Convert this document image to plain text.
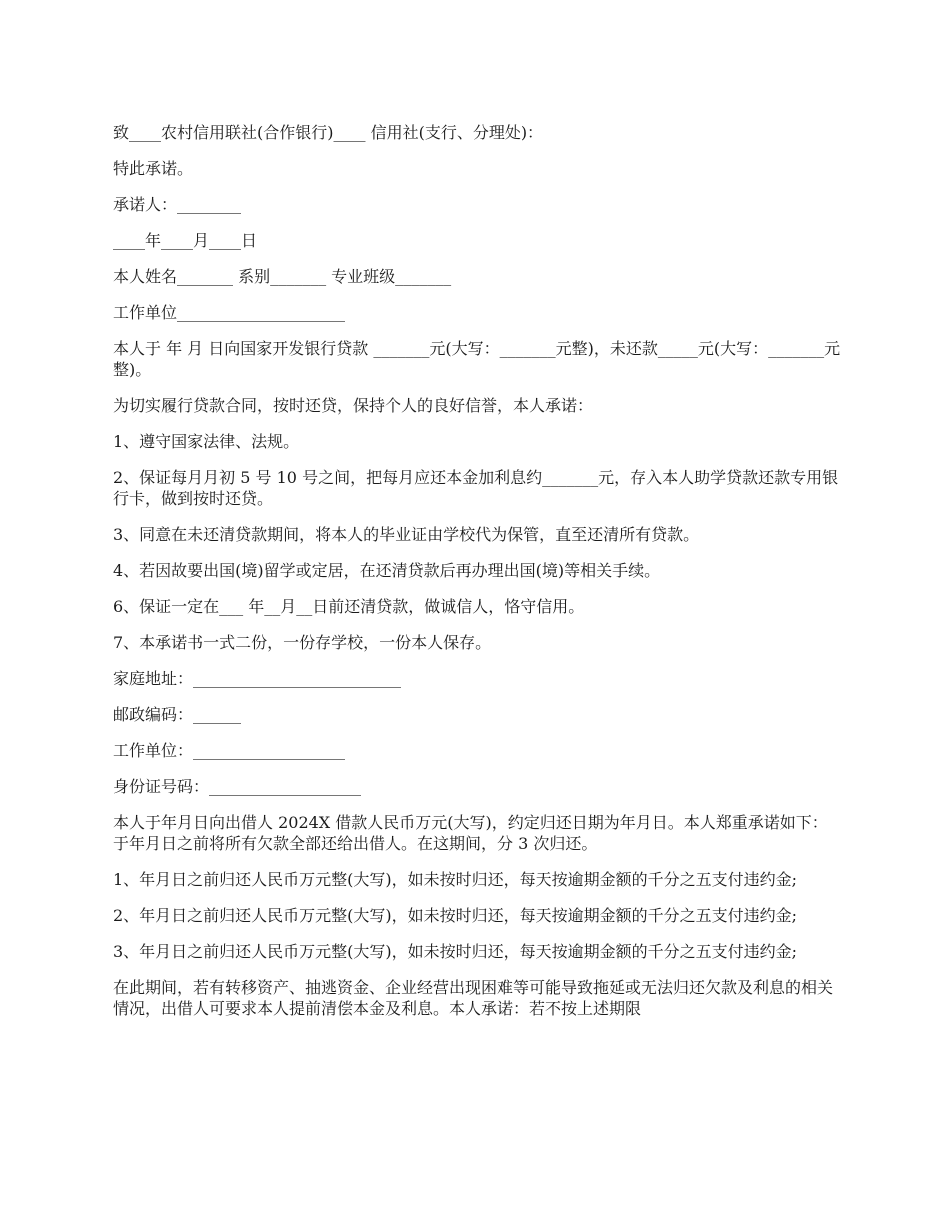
致____农村信用联社(合作银行)____ 信用社(支行、分理处)：

特此承诺。

承诺人：________

____年____月____日

本人姓名_______ 系别_______ 专业班级_______

工作单位_____________________

本人于 年 月 日向国家开发银行贷款 _______元(大写：_______元整)，未还款_____元(大写：_______元整)。

为切实履行贷款合同，按时还贷，保持个人的良好信誉，本人承诺：

1、遵守国家法律、法规。

2、保证每月月初 5 号 10 号之间，把每月应还本金加利息约_______元，存入本人助学贷款还款专用银行卡，做到按时还贷。

3、同意在未还清贷款期间，将本人的毕业证由学校代为保管，直至还清所有贷款。

4、若因故要出国(境)留学或定居，在还清贷款后再办理出国(境)等相关手续。

6、保证一定在___ 年__月__日前还清贷款，做诚信人，恪守信用。

7、本承诺书一式二份，一份存学校，一份本人保存。

家庭地址：__________________________

邮政编码：______

工作单位：___________________

身份证号码：___________________

本人于年月日向出借人 2024X 借款人民币万元(大写)，约定归还日期为年月日。本人郑重承诺如下：于年月日之前将所有欠款全部还给出借人。在这期间，分 3 次归还。

1、年月日之前归还人民币万元整(大写)，如未按时归还，每天按逾期金额的千分之五支付违约金;

2、年月日之前归还人民币万元整(大写)，如未按时归还，每天按逾期金额的千分之五支付违约金;

3、年月日之前归还人民币万元整(大写)，如未按时归还，每天按逾期金额的千分之五支付违约金;

在此期间，若有转移资产、抽逃资金、企业经营出现困难等可能导致拖延或无法归还欠款及利息的相关情况，出借人可要求本人提前清偿本金及利息。本人承诺：若不按上述期限
